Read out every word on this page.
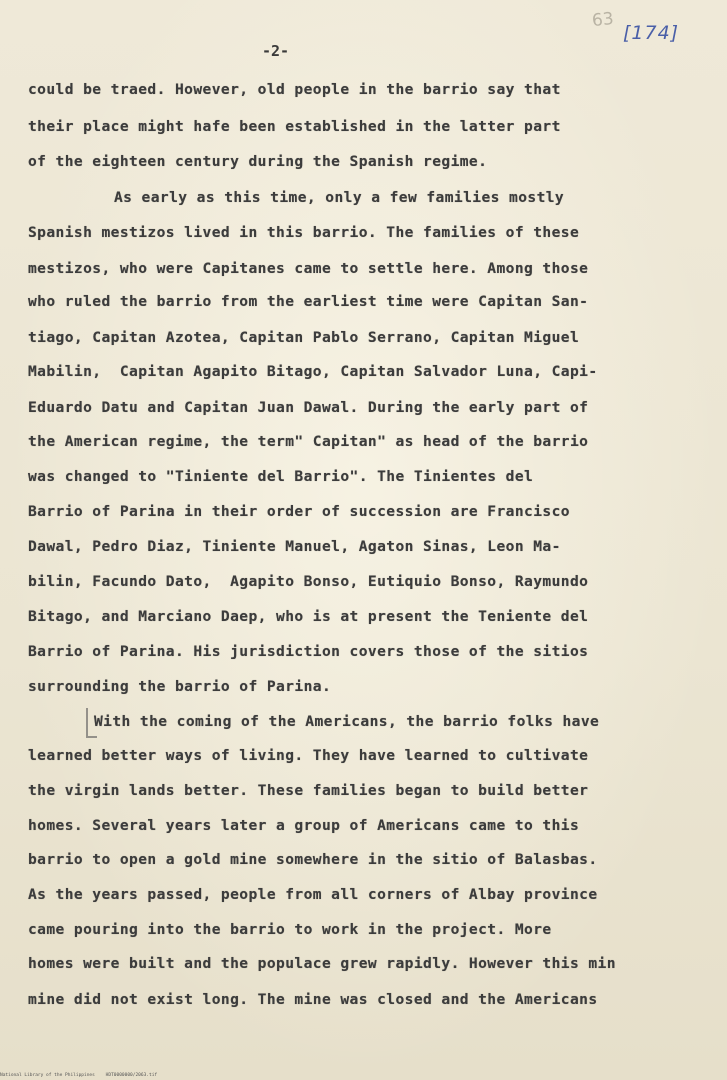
63
[174]
-2-
could be traed. However, old people in the barrio say that
their place might hafe been established in the latter part
of the eighteen century during the Spanish regime.
As early as this time, only a few families mostly
Spanish mestizos lived in this barrio. The families of these
mestizos, who were Capitanes came to settle here. Among those
who ruled the barrio from the earliest time were Capitan San-
tiago, Capitan Azotea, Capitan Pablo Serrano, Capitan Miguel
Mabilin,  Capitan Agapito Bitago, Capitan Salvador Luna, Capi-
Eduardo Datu and Capitan Juan Dawal. During the early part of
the American regime, the term" Capitan" as head of the barrio
was changed to "Tiniente del Barrio". The Tinientes del
Barrio of Parina in their order of succession are Francisco
Dawal, Pedro Diaz, Tiniente Manuel, Agaton Sinas, Leon Ma-
bilin, Facundo Dato,  Agapito Bonso, Eutiquio Bonso, Raymundo
Bitago, and Marciano Daep, who is at present the Teniente del
Barrio of Parina. His jurisdiction covers those of the sitios
surrounding the barrio of Parina.
With the coming of the Americans, the barrio folks have
learned better ways of living. They have learned to cultivate
the virgin lands better. These families began to build better
homes. Several years later a group of Americans came to this
barrio to open a gold mine somewhere in the sitio of Balasbas.
As the years passed, people from all corners of Albay province
came pouring into the barrio to work in the project. More
homes were built and the populace grew rapidly. However this min
mine did not exist long. The mine was closed and the Americans
National Library of the Philippines    HDT0000000/2063.tif
